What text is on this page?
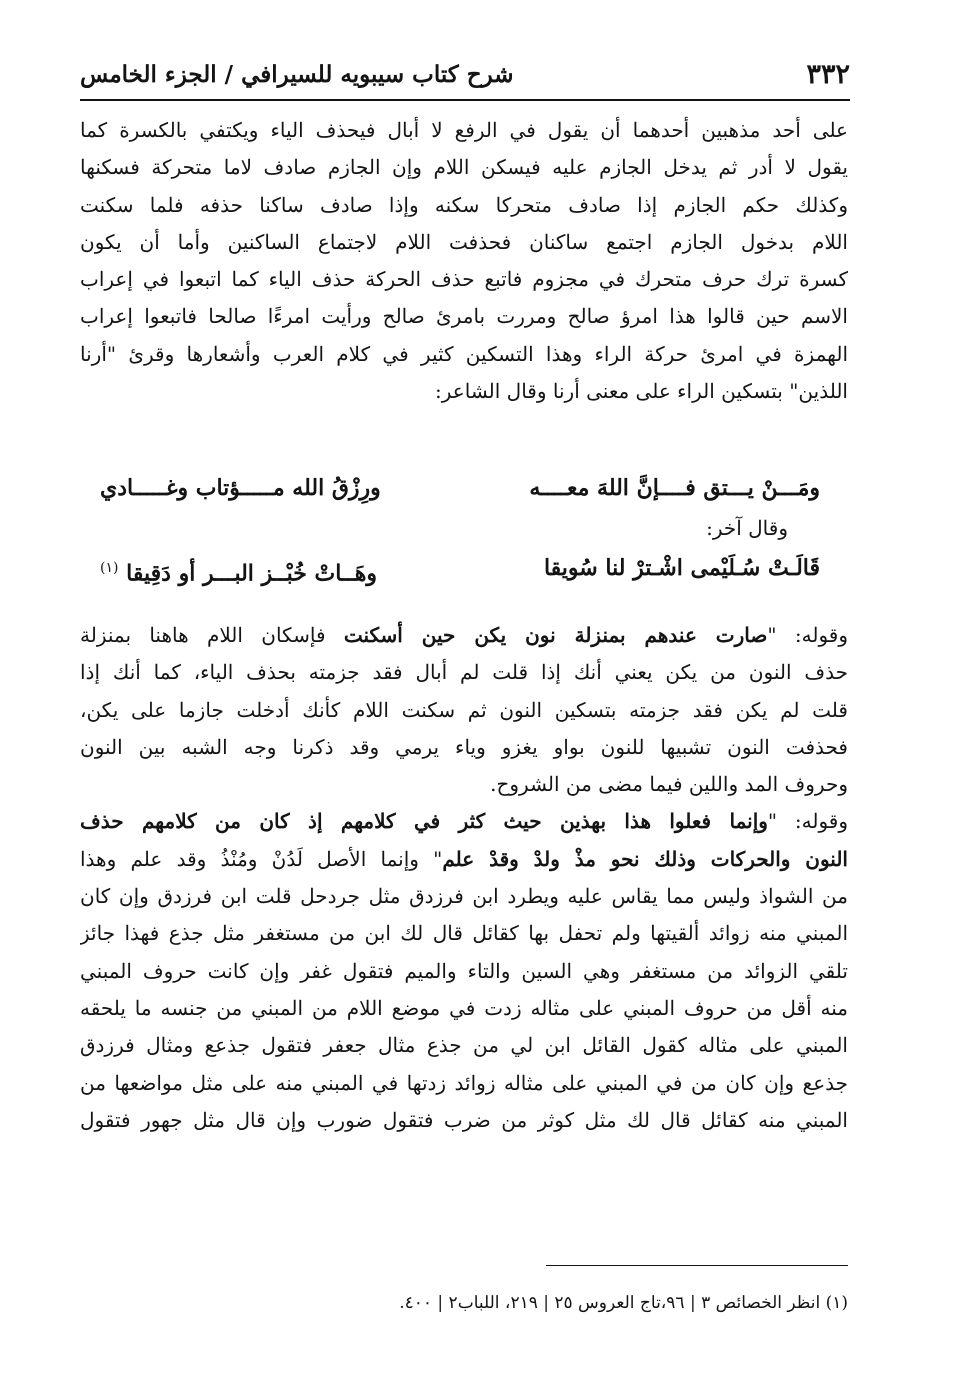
٣٣٢
شرح كتاب سيبويه للسيرافي / الجزء الخامس
على أحد مذهبين أحدهما أن يقول في الرفع لا أبال فيحذف الياء ويكتفي بالكسرة كما
يقول لا أدر ثم يدخل الجازم عليه فيسكن اللام وإن الجازم صادف لاما متحركة فسكنها
وكذلك حكم الجازم إذا صادف متحركا سكنه وإذا صادف ساكنا حذفه فلما سكنت
اللام بدخول الجازم اجتمع ساكنان فحذفت اللام لاجتماع الساكنين وأما أن يكون
كسرة ترك حرف متحرك في مجزوم فاتبع حذف الحركة حذف الياء كما اتبعوا في إعراب
الاسم حين قالوا هذا امرؤ صالح ومررت بامرئ صالح ورأيت امرءًا صالحا فاتبعوا إعراب
الهمزة في امرئ حركة الراء وهذا التسكين كثير في كلام العرب وأشعارها وقرئ "أرنا
اللذين" بتسكين الراء على معنى أرنا وقال الشاعر:
ومَـــنْ يـــتق فــــإنَّ اللهَ معــــه
ورِزْقُ الله مـــــؤتاب وغـــــادي
وقال آخر:
قَالَـتْ سُـلَيْمى اشْـترْ لنا سُويقا
وهَــاتْ خُبْــز البـــر أو دَقِيقا $^{(١)}$
وقوله: "صارت عندهم بمنزلة نون يكن حين أسكنت فإسكان اللام هاهنا بمنزلة
حذف النون من يكن يعني أنك إذا قلت لم أبال فقد جزمته بحذف الياء، كما أنك إذا
قلت لم يكن فقد جزمته بتسكين النون ثم سكنت اللام كأنك أدخلت جازما على يكن،
فحذفت النون تشبيها للنون بواو يغزو وياء يرمي وقد ذكرنا وجه الشبه بين النون
وحروف المد واللين فيما مضى من الشروح.
وقوله: "وإنما فعلوا هذا بهذين حيث كثر في كلامهم إذ كان من كلامهم حذف
النون والحركات وذلك نحو مذْ ولدْ وقدْ علم" وإنما الأصل لَدُنْ ومُنْذُ وقد علم وهذا
من الشواذ وليس مما يقاس عليه ويطرد ابن فرزدق مثل جردحل قلت ابن فرزدق وإن كان
المبني منه زوائد ألقيتها ولم تحفل بها كقائل قال لك ابن من مستغفر مثل جذع فهذا جائز
تلقي الزوائد من مستغفر وهي السين والتاء والميم فتقول غفر وإن كانت حروف المبني
منه أقل من حروف المبني على مثاله زدت في موضع اللام من المبني من جنسه ما يلحقه
المبني على مثاله كقول القائل ابن لي من جذع مثال جعفر فتقول جذعع ومثال فرزدق
جذعع وإن كان من في المبني على مثاله زوائد زدتها في المبني منه على مثل مواضعها من
المبني منه كقائل قال لك مثل كوثر من ضرب فتقول ضورب وإن قال مثل جهور فتقول
(١) انظر الخصائص ٣ | ٩٦،تاج العروس ٢٥ | ٢١٩، اللباب٢ | ٤٠٠.
